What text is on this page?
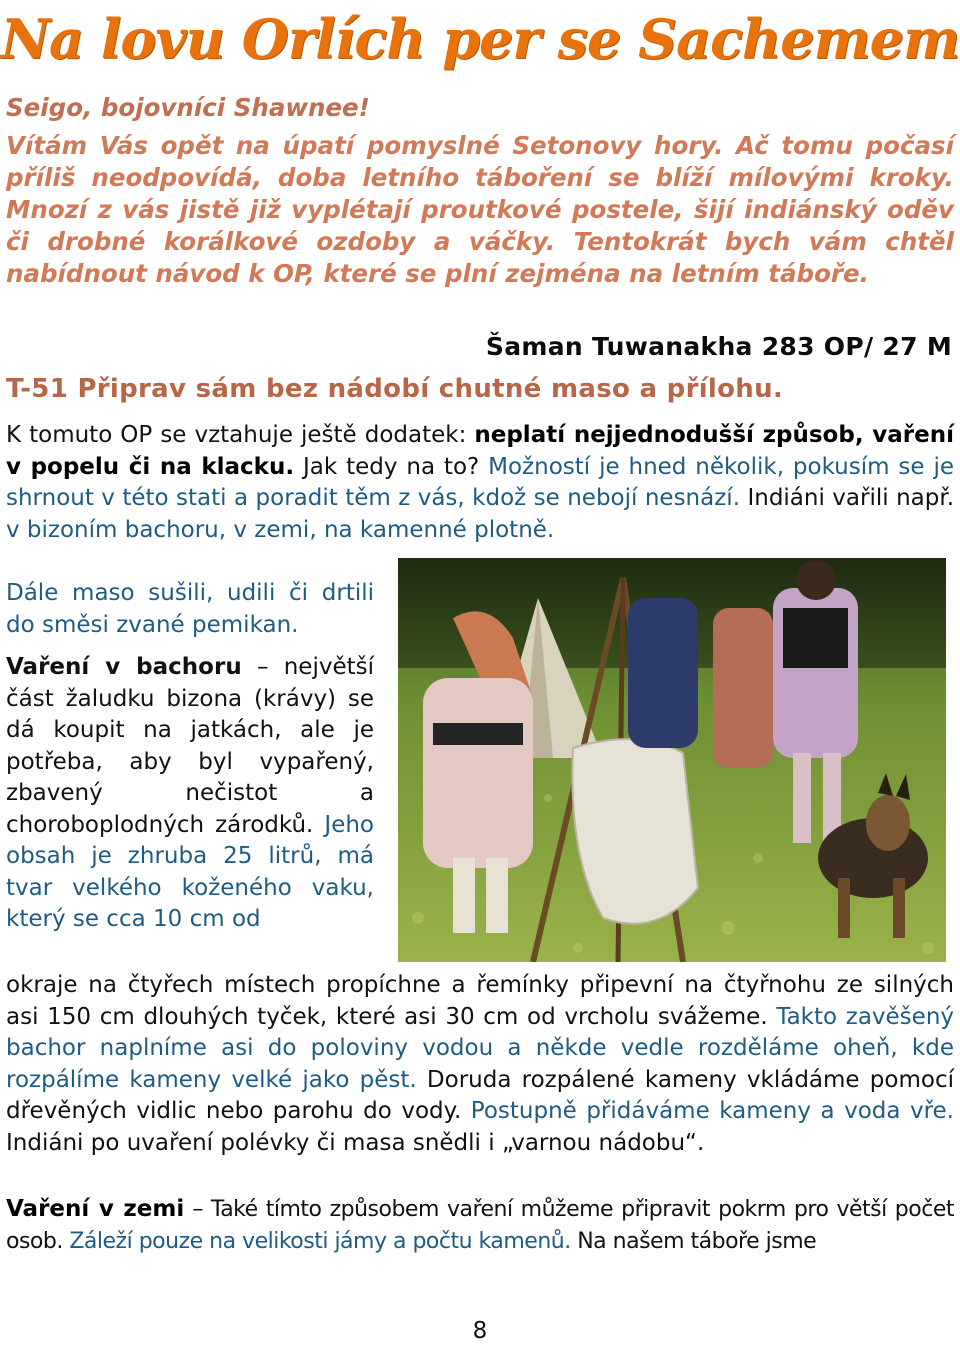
Na lovu Orlích per se Sachemem

Seigo, bojovníci Shawnee!

Vítám Vás opět na úpatí pomyslné Setonovy hory. Ač tomu počasí příliš neodpovídá, doba letního táboření se blíží mílovými kroky. Mnozí z vás jistě již vyplétají proutkové postele, šijí indiánský oděv či drobné korálkové ozdoby a váčky. Tentokrát bych vám chtěl nabídnout návod k OP, které se plní zejména na letním táboře.

Šaman Tuwanakha 283 OP/ 27 M

T-51 Připrav sám bez nádobí chutné maso a přílohu.

K tomuto OP se vztahuje ještě dodatek: neplatí nejjednodušší způsob, vaření v popelu či na klacku. Jak tedy na to? Možností je hned několik, pokusím se je shrnout v této stati a poradit těm z vás, kdož se nebojí nesnází. Indiáni vařili např. v bizoním bachoru, v zemi, na kamenné plotně.

Dále maso sušili, udili či drtili do směsi zvané pemikan.

Vaření v bachoru – největší část žaludku bizona (krávy) se dá koupit na jatkách, ale je potřeba, aby byl vypařený, zbavený nečistot a choroboplodných zárodků. Jeho obsah je zhruba 25 litrů, má tvar velkého koženého vaku, který se cca 10 cm od

okraje na čtyřech místech propíchne a řemínky připevní na čtyřnohu ze silných asi 150 cm dlouhých tyček, které asi 30 cm od vrcholu svážeme. Takto zavěšený bachor naplníme asi do poloviny vodou a někde vedle rozděláme oheň, kde rozpálíme kameny velké jako pěst. Doruda rozpálené kameny vkládáme pomocí dřevěných vidlic nebo parohu do vody. Postupně přidáváme kameny a voda vře. Indiáni po uvaření polévky či masa snědli i „varnou nádobu“.

Vaření v zemi – Také tímto způsobem vaření můžeme připravit pokrm pro větší počet osob. Záleží pouze na velikosti jámy a počtu kamenů. Na našem táboře jsme

8
